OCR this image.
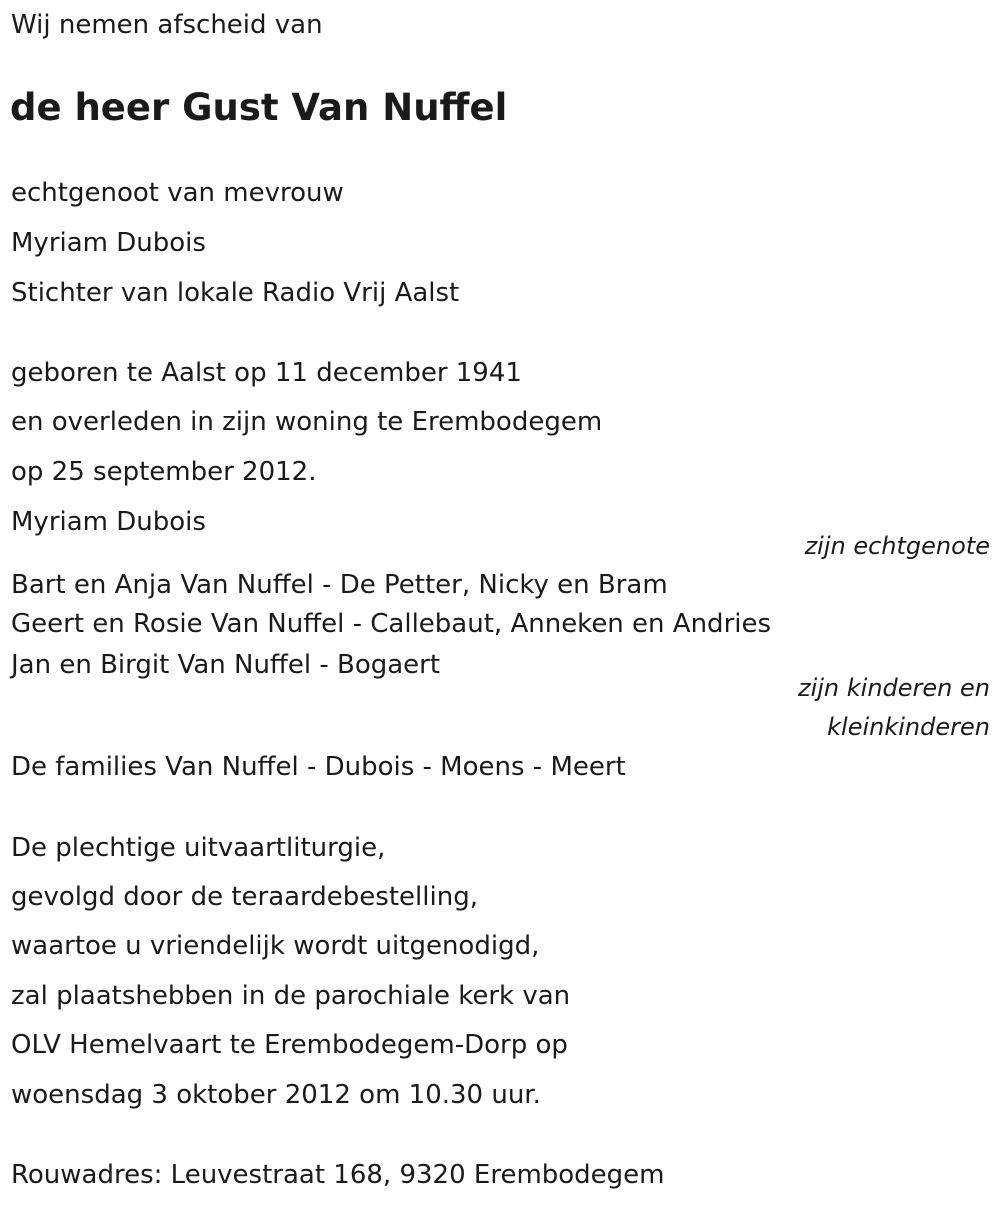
Wij nemen afscheid van
de heer Gust Van Nuffel
echtgenoot van mevrouw
Myriam Dubois
Stichter van lokale Radio Vrij Aalst
geboren te Aalst op 11 december 1941
en overleden in zijn woning te Erembodegem
op 25 september 2012.
Myriam Dubois
zijn echtgenote
Bart en Anja Van Nuffel - De Petter, Nicky en Bram
Geert en Rosie Van Nuffel - Callebaut, Anneken en Andries
Jan en Birgit Van Nuffel - Bogaert
zijn kinderen en
kleinkinderen
De families Van Nuffel - Dubois - Moens - Meert
De plechtige uitvaartliturgie,
gevolgd door de teraardebestelling,
waartoe u vriendelijk wordt uitgenodigd,
zal plaatshebben in de parochiale kerk van
OLV Hemelvaart te Erembodegem-Dorp op
woensdag 3 oktober 2012 om 10.30 uur.
Rouwadres: Leuvestraat 168, 9320 Erembodegem
